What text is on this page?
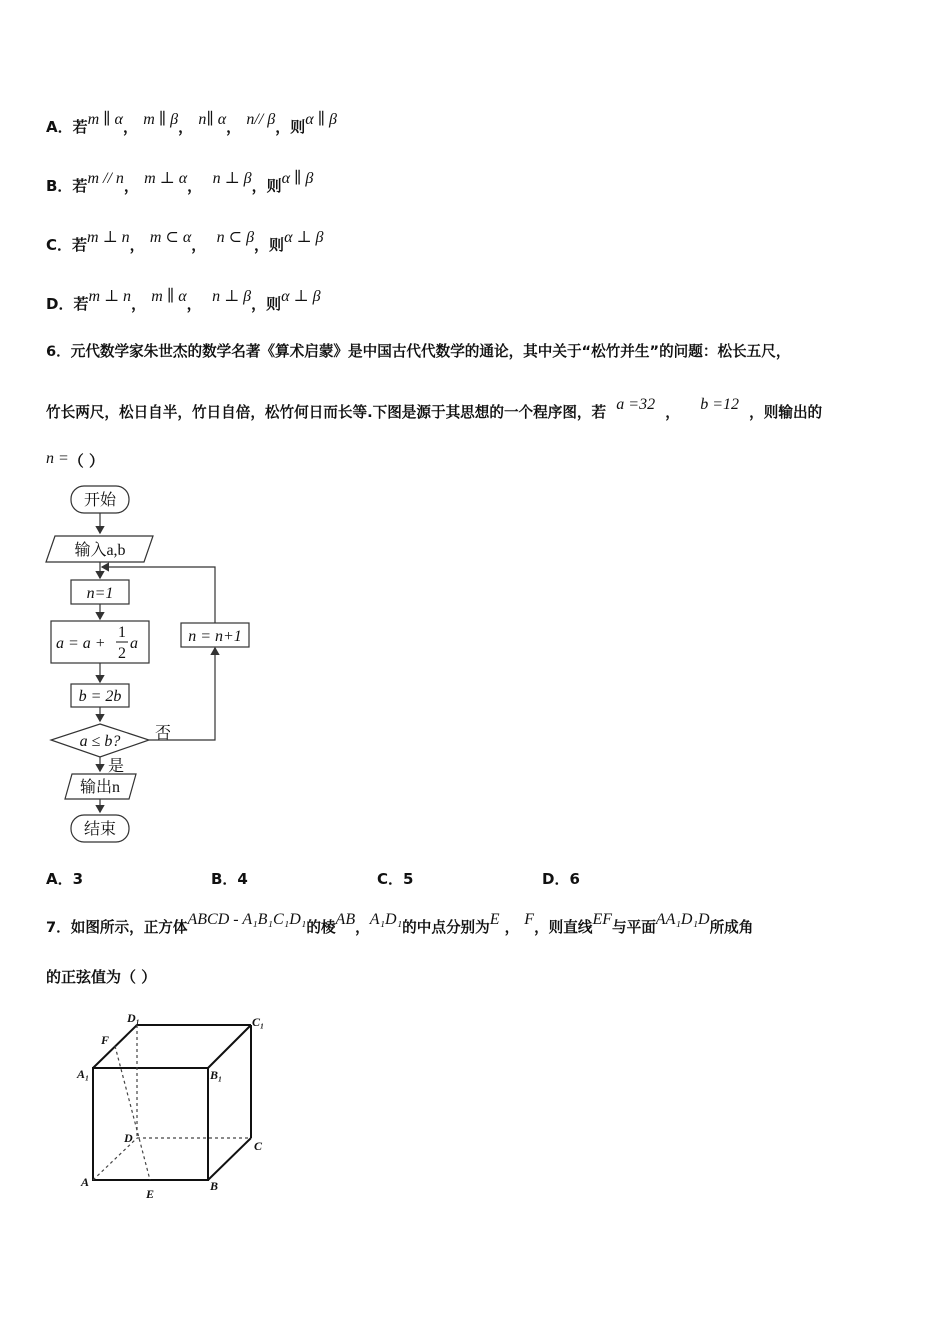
A．若m ∥ α， m ∥ β， n∥ α， n// β，则α ∥ β
B．若m // n， m ⊥ α，  n ⊥ β，则α ∥ β
C．若m ⊥ n， m ⊂ α，  n ⊂ β，则α ⊥ β
D．若m ⊥ n， m ∥ α，  n ⊥ β，则α ⊥ β
6．元代数学家朱世杰的数学名著《算术启蒙》是中国古代代数学的通论，其中关于“松竹并生”的问题：松长五尺，
竹长两尺，松日自半，竹日自倍，松竹何日而长等.下图是源于其思想的一个程序图，若 a =32  ，    b =12 ，则输出的
n =（ ）
开始
输入a,b
n=1
a = a +
1
2
a
b = 2b
a ≤ b? 否
是
n = n+1
输出n
结束
A．3	B．4	C．5	D．6
7．如图所示，正方体ABCD - A₁B₁C₁D₁的棱AB，A₁D₁的中点分别为E ， F，则直线EF与平面AA₁D₁D所成角
的正弦值为（ ）
D₁	C₁
F
A₁	B₁
D
C
A
E
B
